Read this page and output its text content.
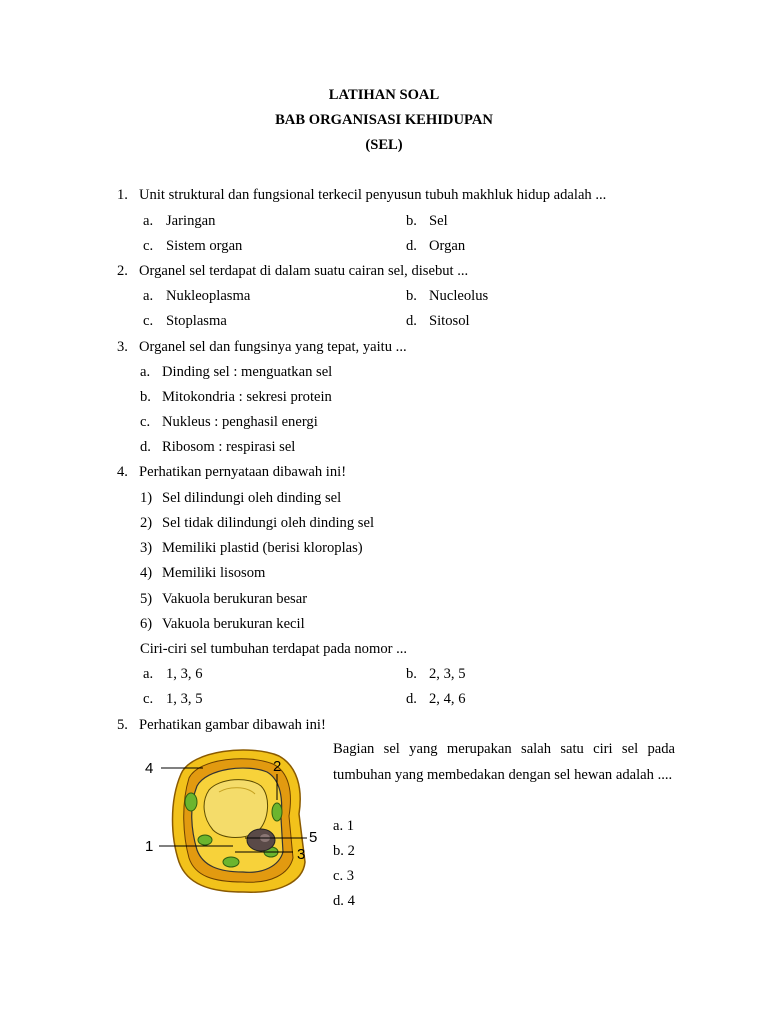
LATIHAN SOAL
BAB ORGANISASI KEHIDUPAN
(SEL)
1. Unit struktural dan fungsional terkecil penyusun tubuh makhluk hidup adalah ...
a. Jaringan	b. Sel
c. Sistem organ	d. Organ
2. Organel sel terdapat di dalam suatu cairan sel, disebut ...
a. Nukleoplasma	b. Nucleolus
c. Stoplasma	d. Sitosol
3. Organel sel dan fungsinya yang tepat, yaitu ...
a. Dinding sel : menguatkan sel
b. Mitokondria : sekresi protein
c. Nukleus : penghasil energi
d. Ribosom : respirasi sel
4. Perhatikan pernyataan dibawah ini!
1) Sel dilindungi oleh dinding sel
2) Sel tidak dilindungi oleh dinding sel
3) Memiliki plastid (berisi kloroplas)
4) Memiliki lisosom
5) Vakuola berukuran besar
6) Vakuola berukuran kecil
Ciri-ciri sel tumbuhan terdapat pada nomor ...
a. 1, 3, 6	b. 2, 3, 5
c. 1, 3, 5	d. 2, 4, 6
5. Perhatikan gambar dibawah ini!
Bagian sel yang merupakan salah satu ciri sel pada tumbuhan yang membedakan dengan sel hewan adalah ....
a. 1
b. 2
c. 3
d. 4
4	2
1
5
3
